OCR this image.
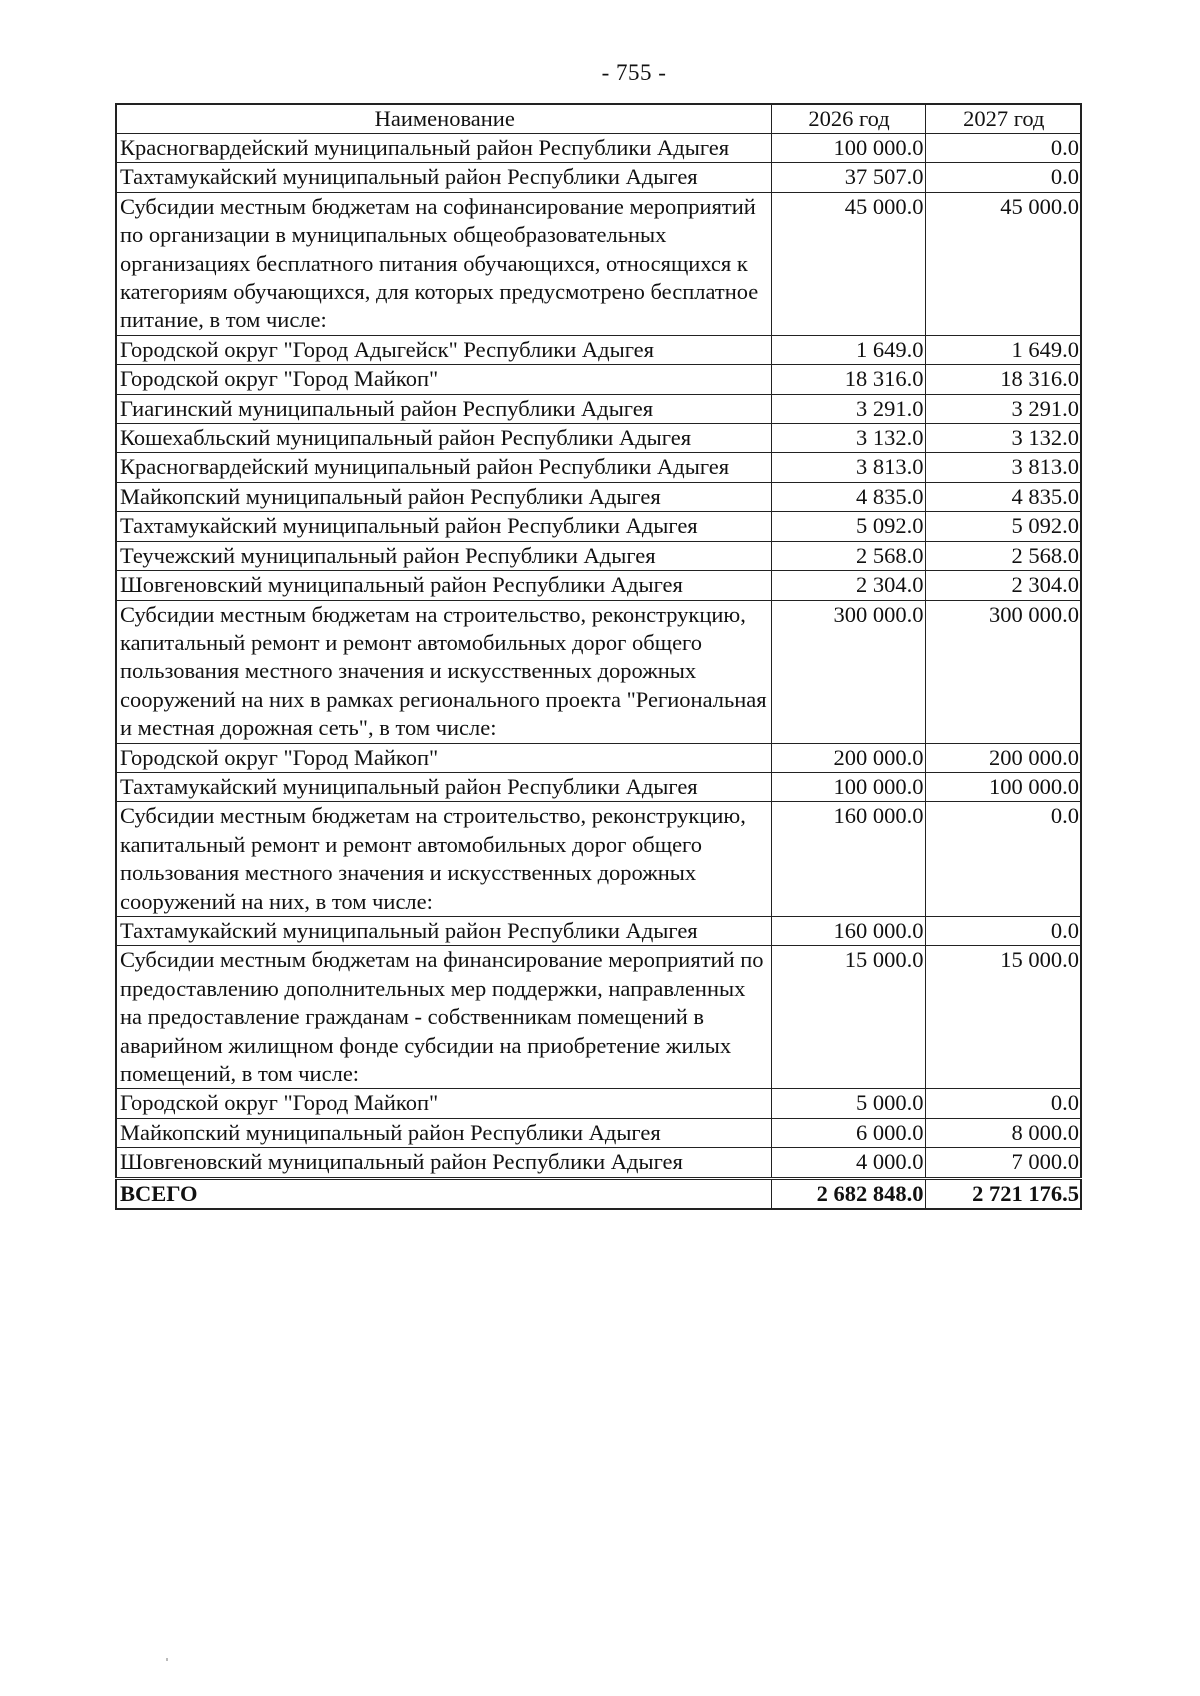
- 755 -
Наименование	2026 год	2027 год
Красногвардейский муниципальный район Республики Адыгея	100 000.0	0.0
Тахтамукайский муниципальный район Республики Адыгея	37 507.0	0.0
Субсидии местным бюджетам на софинансирование мероприятий по организации в муниципальных общеобразовательных организациях бесплатного питания обучающихся, относящихся к категориям обучающихся, для которых предусмотрено бесплатное питание, в том числе:	45 000.0	45 000.0
Городской округ "Город Адыгейск" Республики Адыгея	1 649.0	1 649.0
Городской округ "Город Майкоп"	18 316.0	18 316.0
Гиагинский муниципальный район Республики Адыгея	3 291.0	3 291.0
Кошехабльский муниципальный район Республики Адыгея	3 132.0	3 132.0
Красногвардейский муниципальный район Республики Адыгея	3 813.0	3 813.0
Майкопский муниципальный район Республики Адыгея	4 835.0	4 835.0
Тахтамукайский муниципальный район Республики Адыгея	5 092.0	5 092.0
Теучежский муниципальный район Республики Адыгея	2 568.0	2 568.0
Шовгеновский муниципальный район Республики Адыгея	2 304.0	2 304.0
Субсидии местным бюджетам на строительство, реконструкцию, капитальный ремонт и ремонт автомобильных дорог общего пользования местного значения и искусственных дорожных сооружений на них в рамках регионального проекта "Региональная и местная дорожная сеть", в том числе:	300 000.0	300 000.0
Городской округ "Город Майкоп"	200 000.0	200 000.0
Тахтамукайский муниципальный район Республики Адыгея	100 000.0	100 000.0
Субсидии местным бюджетам на строительство, реконструкцию, капитальный ремонт и ремонт автомобильных дорог общего пользования местного значения и искусственных дорожных сооружений на них, в том числе:	160 000.0	0.0
Тахтамукайский муниципальный район Республики Адыгея	160 000.0	0.0
Субсидии местным бюджетам на финансирование мероприятий по предоставлению дополнительных мер поддержки, направленных на предоставление гражданам - собственникам помещений в аварийном жилищном фонде субсидии на приобретение жилых помещений, в том числе:	15 000.0	15 000.0
Городской округ "Город Майкоп"	5 000.0	0.0
Майкопский муниципальный район Республики Адыгея	6 000.0	8 000.0
Шовгеновский муниципальный район Республики Адыгея	4 000.0	7 000.0
ВСЕГО	2 682 848.0	2 721 176.5
